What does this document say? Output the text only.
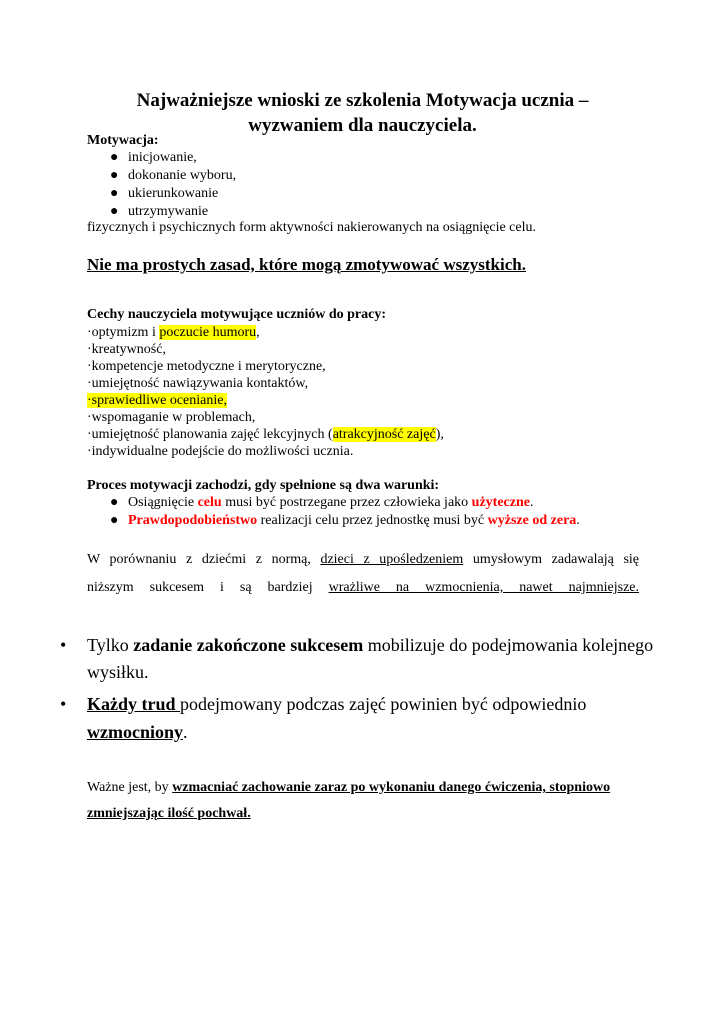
Najważniejsze wnioski ze szkolenia Motywacja ucznia –
wyzwaniem dla nauczyciela.
Motywacja:
● inicjowanie,
● dokonanie wyboru,
● ukierunkowanie
● utrzymywanie
fizycznych i psychicznych form aktywności nakierowanych na osiągnięcie celu.
Nie ma prostych zasad, które mogą zmotywować wszystkich.
Cechy nauczyciela motywujące uczniów do pracy:
·optymizm i poczucie humoru,
·kreatywność,
·kompetencje metodyczne i merytoryczne,
·umiejętność nawiązywania kontaktów,
·sprawiedliwe ocenianie,
·wspomaganie w problemach,
·umiejętność planowania zajęć lekcyjnych (atrakcyjność zajęć),
·indywidualne podejście do możliwości ucznia.
Proces motywacji zachodzi, gdy spełnione są dwa warunki:
● Osiągnięcie celu musi być postrzegane przez człowieka jako użyteczne.
● Prawdopodobieństwo realizacji celu przez jednostkę musi być wyższe od zera.
W porównaniu z dziećmi z normą, dzieci z upośledzeniem umysłowym zadawalają się
niższym sukcesem i są bardziej wrażliwe na wzmocnienia, nawet najmniejsze.
• Tylko zadanie zakończone sukcesem mobilizuje do podejmowania kolejnego
wysiłku.
• Każdy trud podejmowany podczas zajęć powinien być odpowiednio
wzmocniony.
Ważne jest, by wzmacniać zachowanie zaraz po wykonaniu danego ćwiczenia, stopniowo
zmniejszając ilość pochwał.
